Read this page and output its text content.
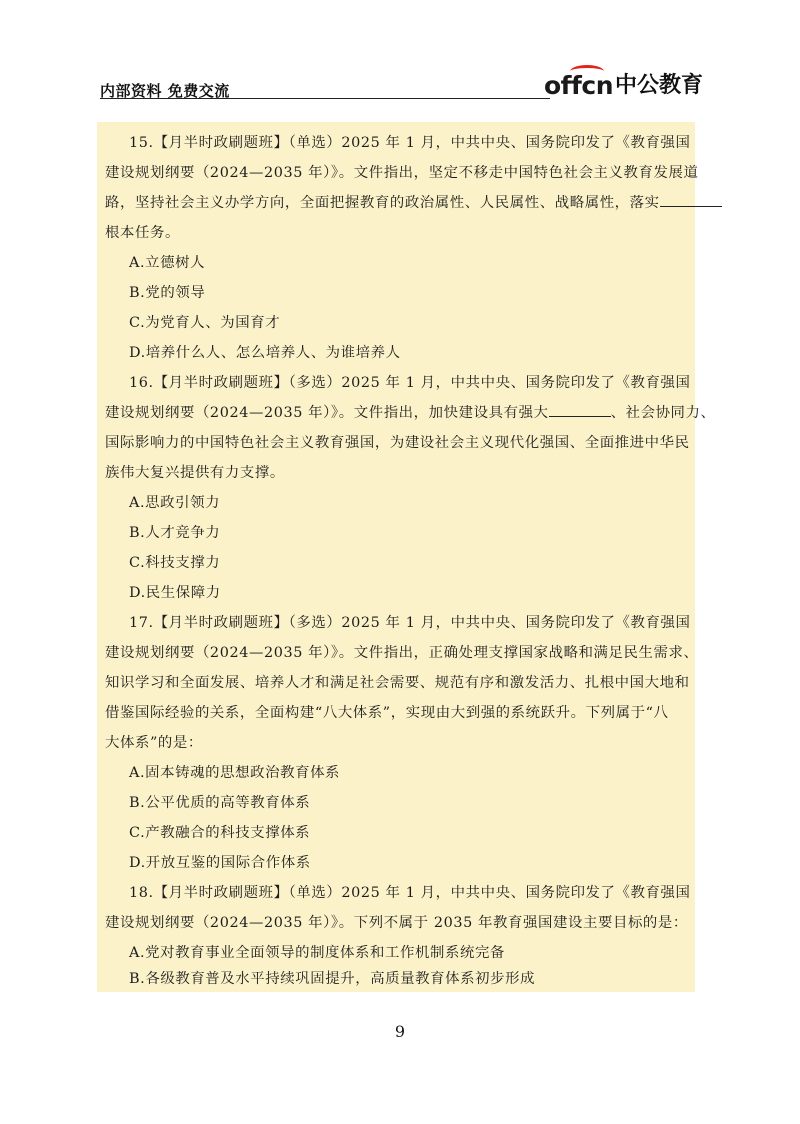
内部资料 免费交流	offcn 中公教育
15.【月半时政刷题班】（单选）2025 年 1 月，中共中央、国务院印发了《教育强国
建设规划纲要（2024—2035 年）》。文件指出，坚定不移走中国特色社会主义教育发展道
路，坚持社会主义办学方向，全面把握教育的政治属性、人民属性、战略属性，落实
根本任务。
A.立德树人
B.党的领导
C.为党育人、为国育才
D.培养什么人、怎么培养人、为谁培养人
16.【月半时政刷题班】（多选）2025 年 1 月，中共中央、国务院印发了《教育强国
建设规划纲要（2024—2035 年）》。文件指出，加快建设具有强大	、社会协同力、
国际影响力的中国特色社会主义教育强国，为建设社会主义现代化强国、全面推进中华民
族伟大复兴提供有力支撑。
A.思政引领力
B.人才竞争力
C.科技支撑力
D.民生保障力
17.【月半时政刷题班】（多选）2025 年 1 月，中共中央、国务院印发了《教育强国
建设规划纲要（2024—2035 年）》。文件指出，正确处理支撑国家战略和满足民生需求、
知识学习和全面发展、培养人才和满足社会需要、规范有序和激发活力、扎根中国大地和
借鉴国际经验的关系，全面构建“八大体系”，实现由大到强的系统跃升。下列属于“八
大体系”的是：
A.固本铸魂的思想政治教育体系
B.公平优质的高等教育体系
C.产教融合的科技支撑体系
D.开放互鉴的国际合作体系
18.【月半时政刷题班】（单选）2025 年 1 月，中共中央、国务院印发了《教育强国
建设规划纲要（2024—2035 年）》。下列不属于 2035 年教育强国建设主要目标的是：
A.党对教育事业全面领导的制度体系和工作机制系统完备
B.各级教育普及水平持续巩固提升，高质量教育体系初步形成
9
